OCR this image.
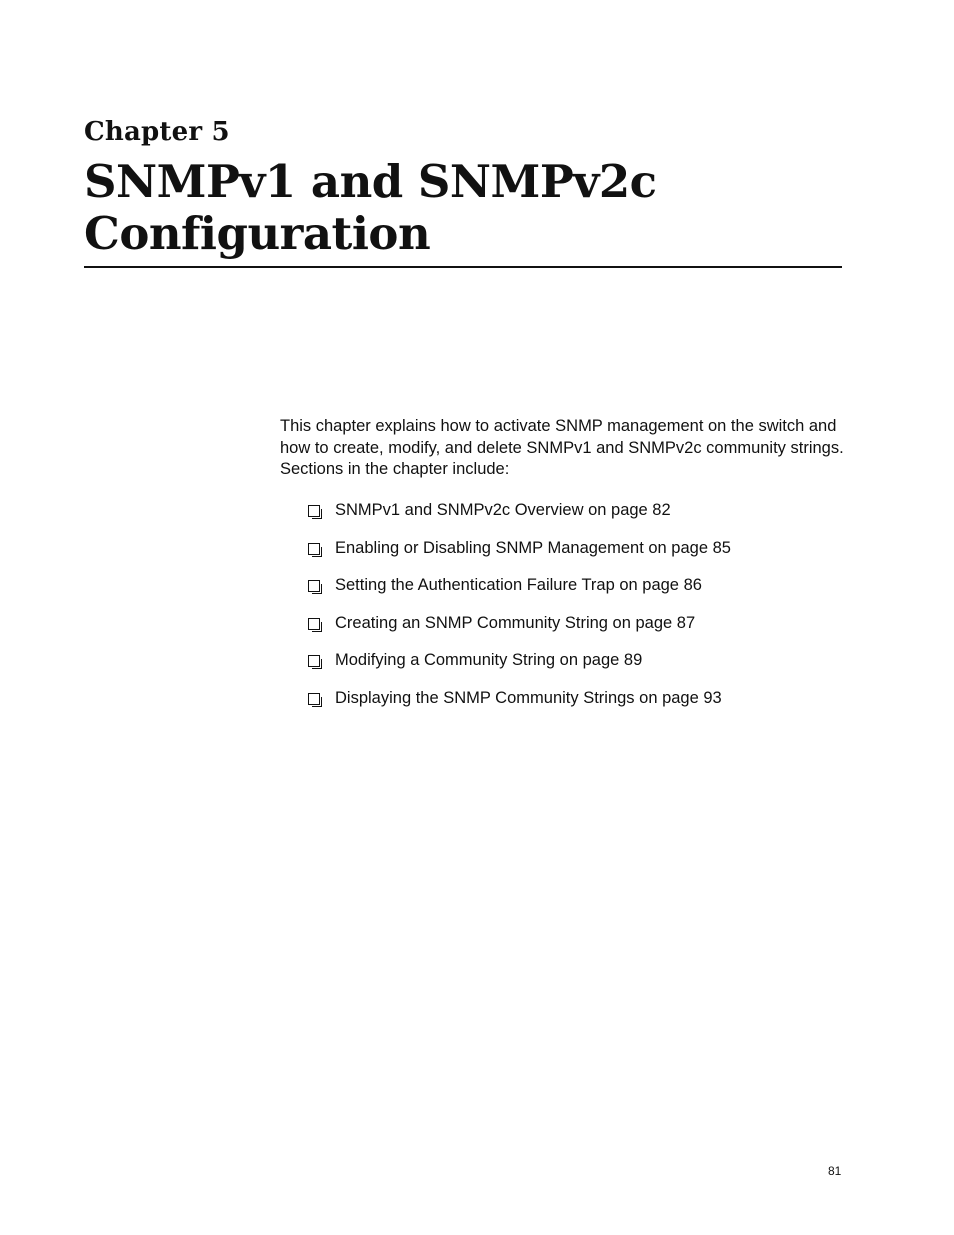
Chapter 5
SNMPv1 and SNMPv2c Configuration

This chapter explains how to activate SNMP management on the switch and how to create, modify, and delete SNMPv1 and SNMPv2c community strings. Sections in the chapter include:

SNMPv1 and SNMPv2c Overview on page 82
Enabling or Disabling SNMP Management on page 85
Setting the Authentication Failure Trap on page 86
Creating an SNMP Community String on page 87
Modifying a Community String on page 89
Displaying the SNMP Community Strings on page 93
81
